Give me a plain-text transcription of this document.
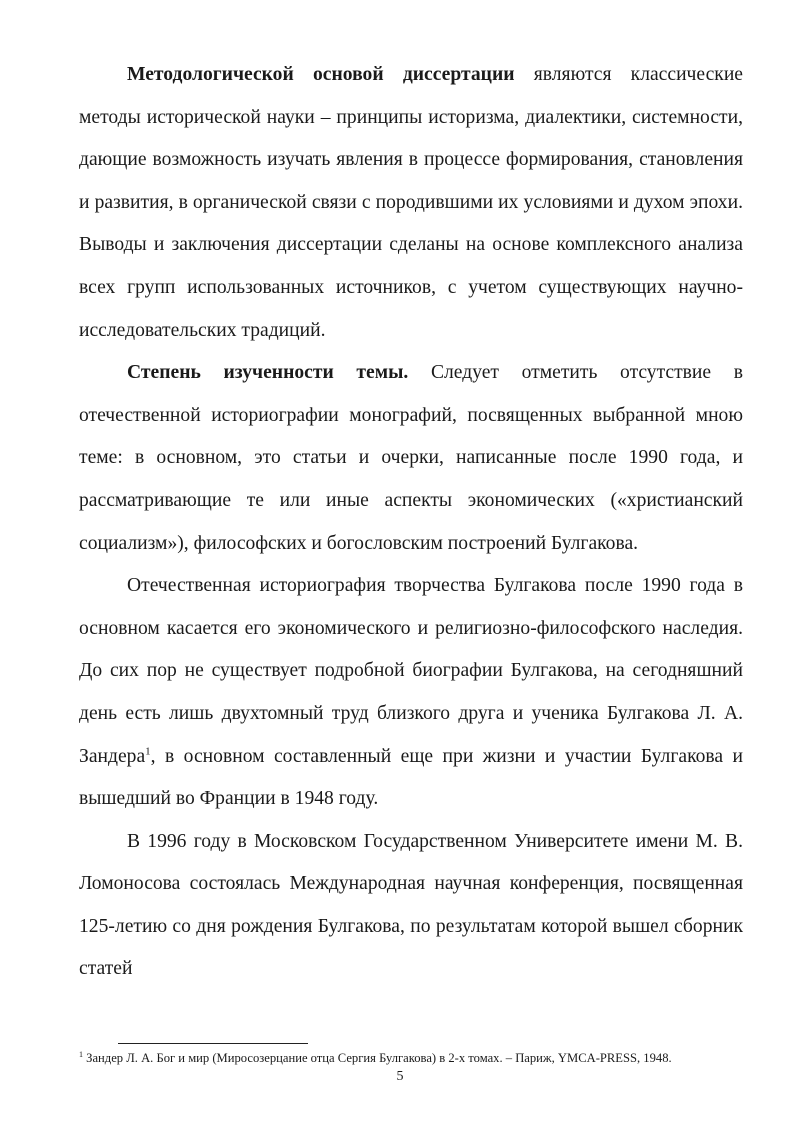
Методологической основой диссертации являются классические методы исторической науки – принципы историзма, диалектики, системности, дающие возможность изучать явления в процессе формирования, становления и развития, в органической связи с породившими их условиями и духом эпохи. Выводы и заключения диссертации сделаны на основе комплексного анализа всех групп использованных источников, с учетом существующих научно-исследовательских традиций.

Степень изученности темы. Следует отметить отсутствие в отечественной историографии монографий, посвященных выбранной мною теме: в основном, это статьи и очерки, написанные после 1990 года, и рассматривающие те или иные аспекты экономических («христианский социализм»), философских и богословским построений Булгакова.

Отечественная историография творчества Булгакова после 1990 года в основном касается его экономического и религиозно-философского наследия. До сих пор не существует подробной биографии Булгакова, на сегодняшний день есть лишь двухтомный труд близкого друга и ученика Булгакова Л. А. Зандера$^1$, в основном составленный еще при жизни и участии Булгакова и вышедший во Франции в 1948 году.

В 1996 году в Московском Государственном Университете имени М. В. Ломоносова состоялась Международная научная конференция, посвященная 125-летию со дня рождения Булгакова, по результатам которой вышел сборник статей

$^1$ Зандер Л. А. Бог и мир (Миросозерцание отца Сергия Булгакова) в 2-х томах. – Париж, YMCA-PRESS, 1948.
5
